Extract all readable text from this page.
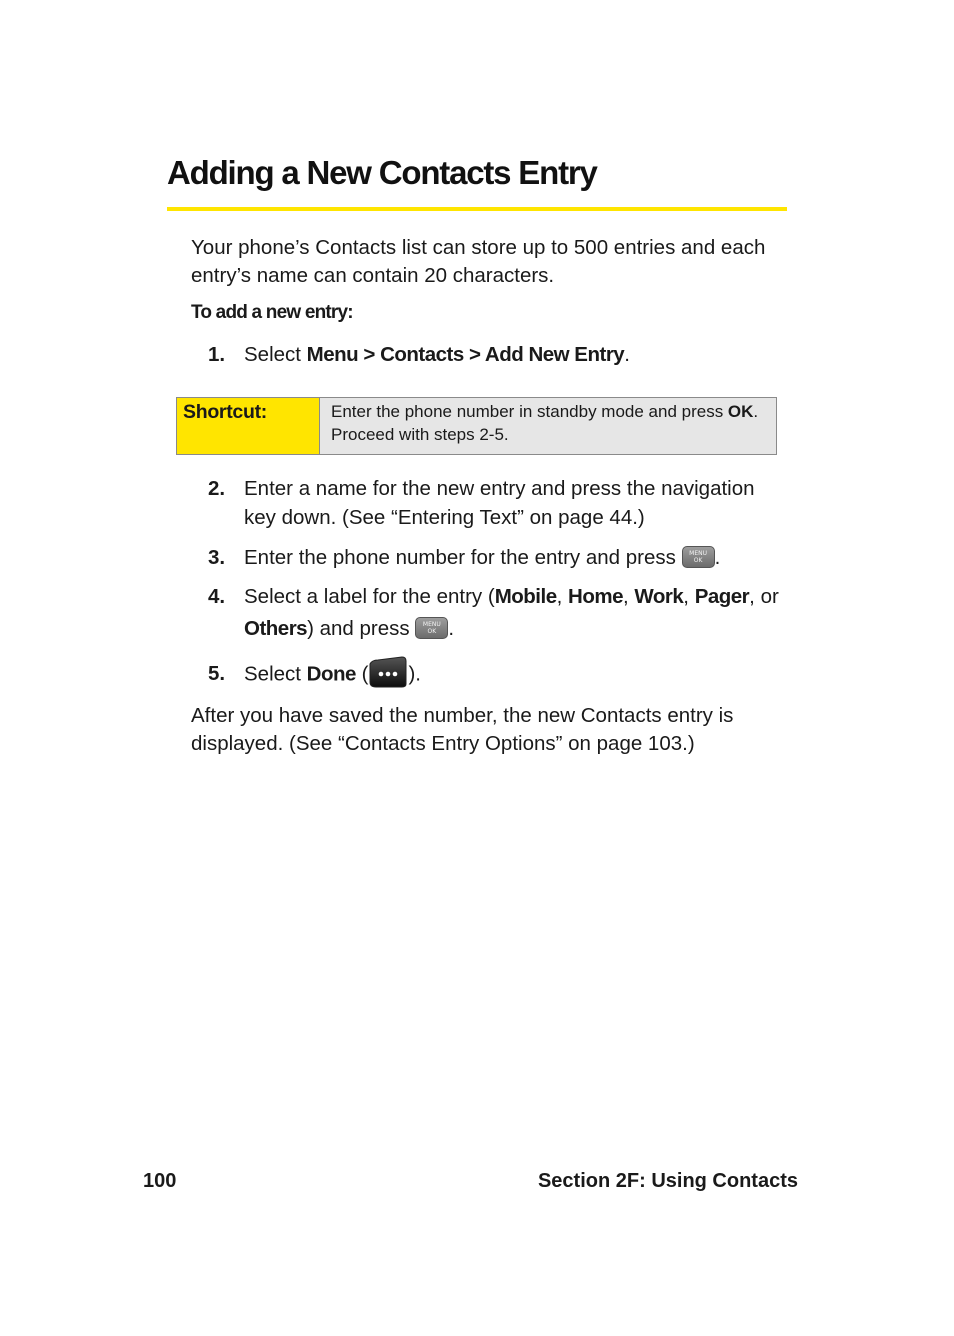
Adding a New Contacts Entry

Your phone’s Contacts list can store up to 500 entries and each entry’s name can contain 20 characters.

To add a new entry:

1. Select Menu > Contacts > Add New Entry.
Shortcut:	Enter the phone number in standby mode and press OK. Proceed with steps 2-5.
2. Enter a name for the new entry and press the navigation key down. (See “Entering Text” on page 44.)
3. Enter the phone number for the entry and press	MENU
OK .
4. Select a label for the entry (Mobile, Home, Work, Pager, or Others) and press	MENU
OK .
5. Select Done ( ).

After you have saved the number, the new Contacts entry is displayed. (See “Contacts Entry Options” on page 103.)

100	Section 2F: Using Contacts
